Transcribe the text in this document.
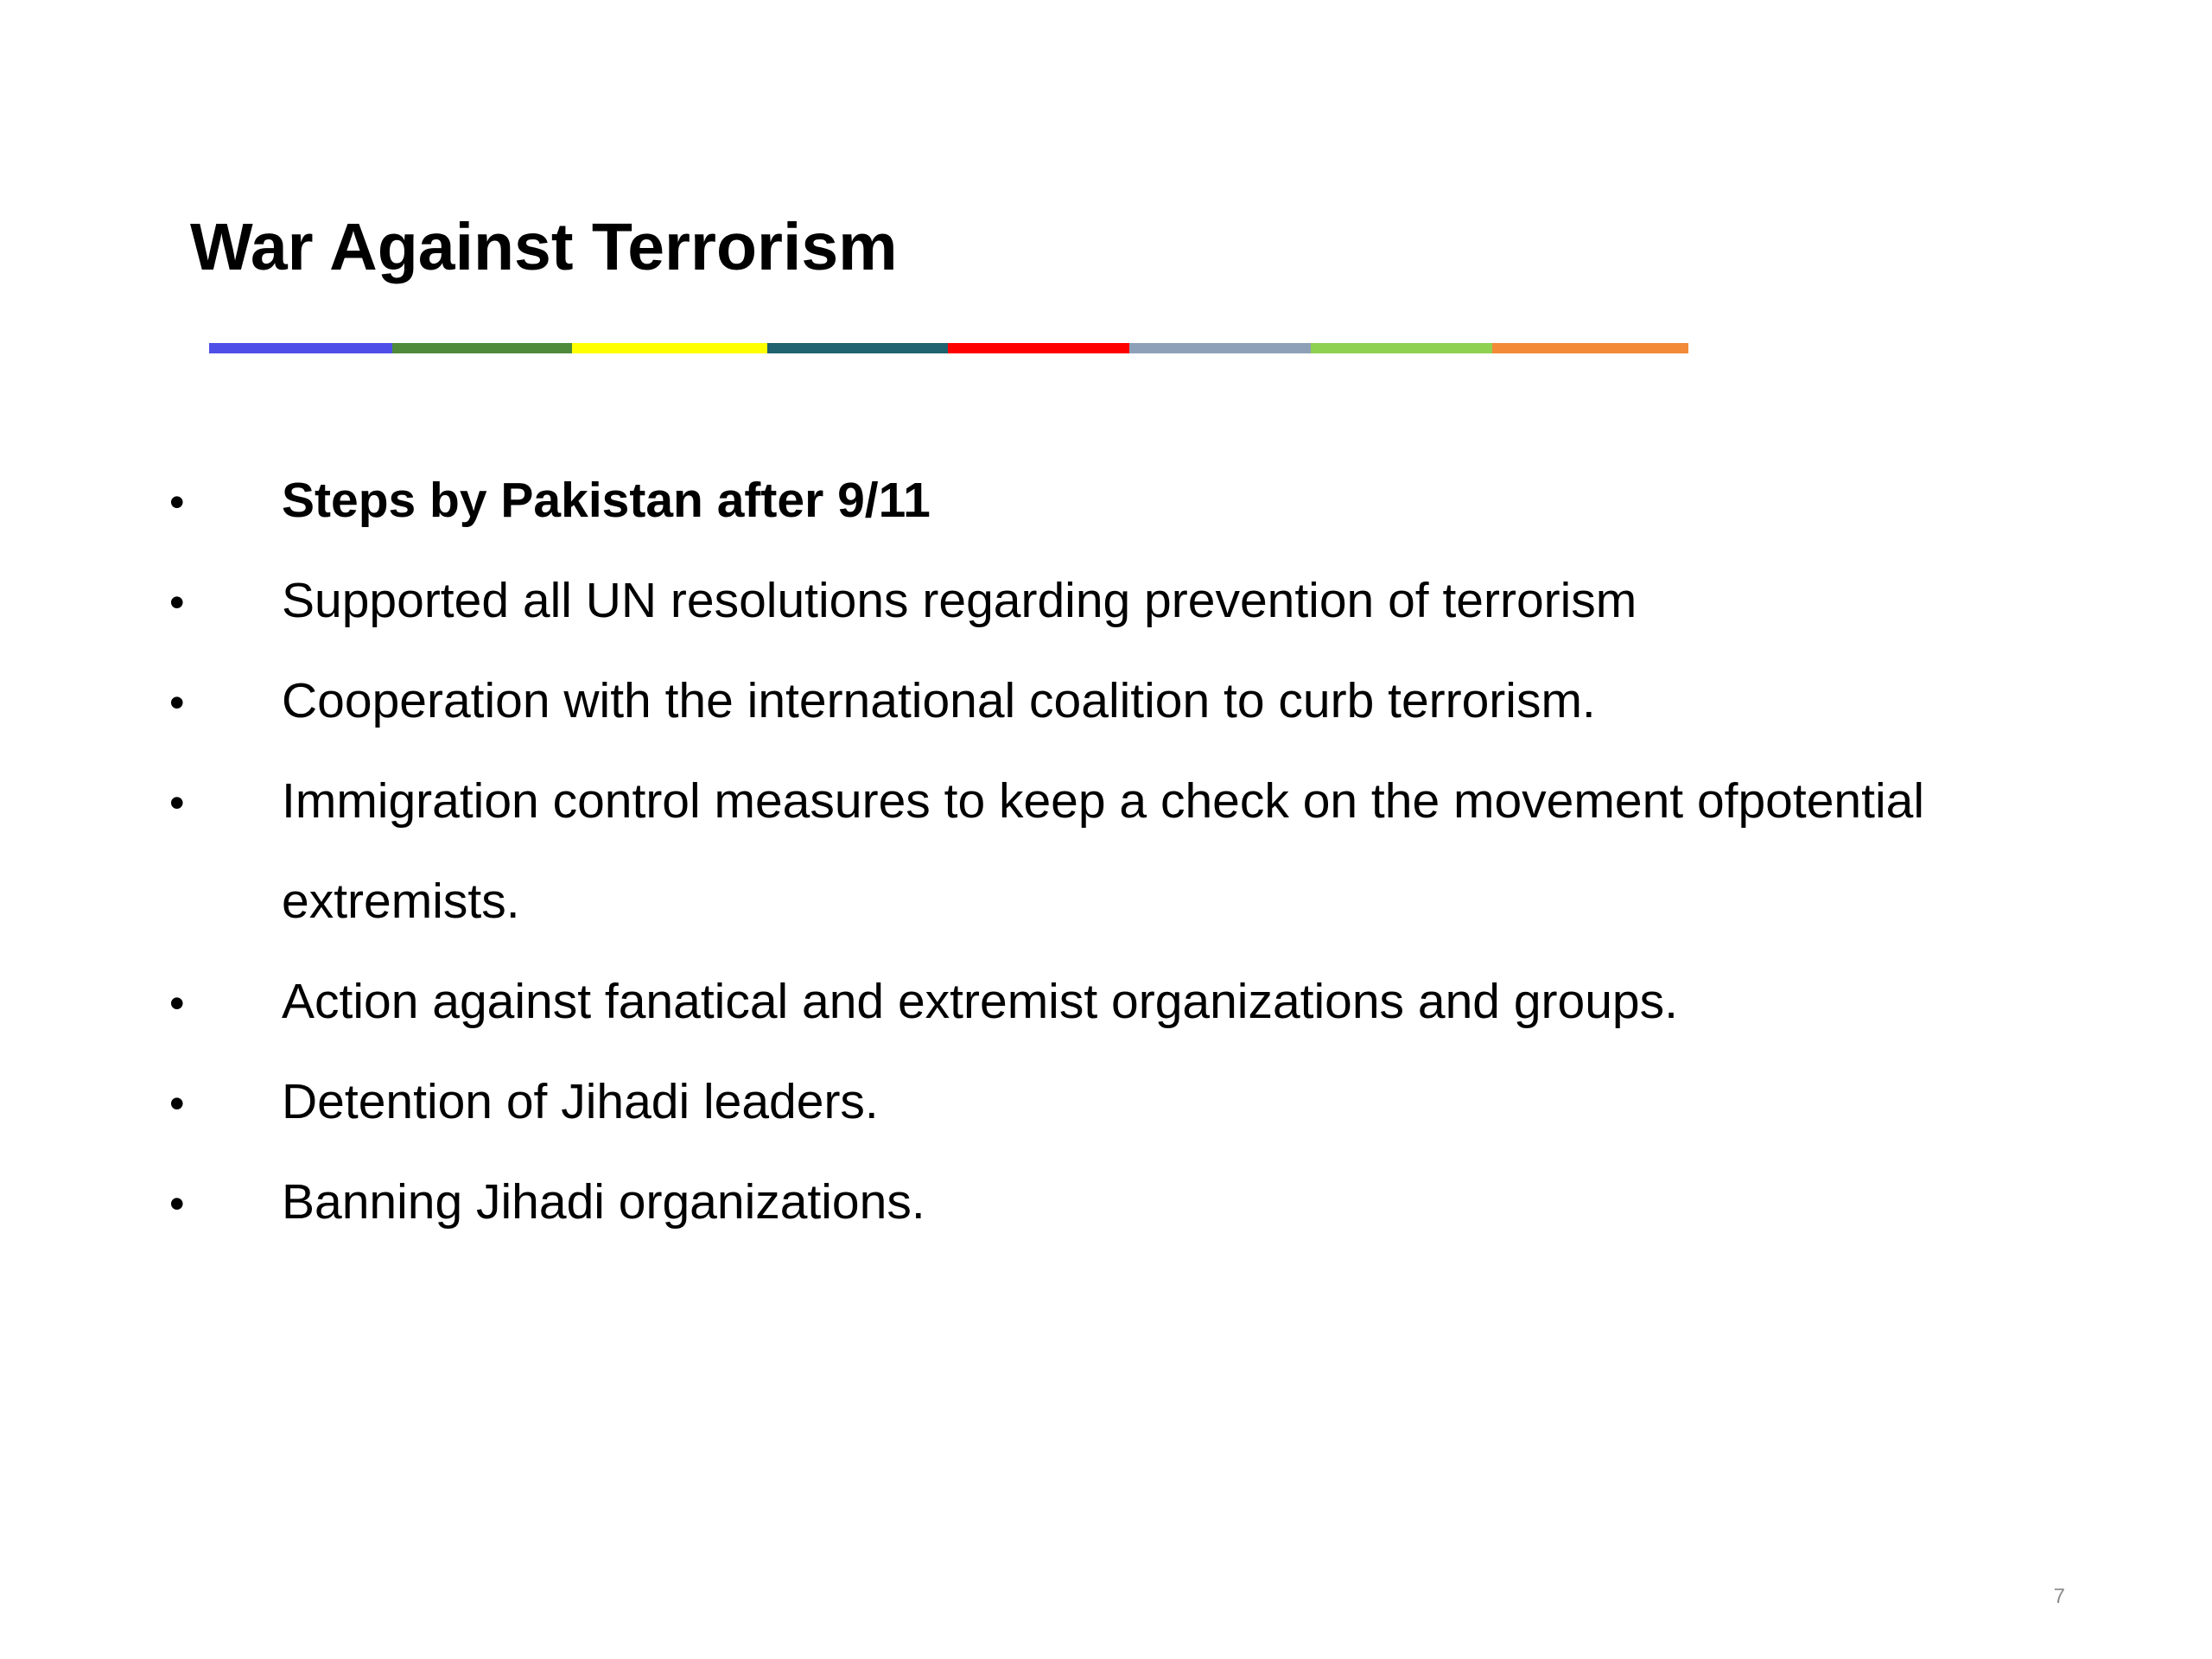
War Against Terrorism
• Steps by Pakistan after 9/11
• Supported all UN resolutions regarding prevention of terrorism
• Cooperation with the international coalition to curb terrorism.
• Immigration control measures to keep a check on the movement ofpotential
extremists.
• Action against fanatical and extremist organizations and groups.
• Detention of Jihadi leaders.
• Banning Jihadi organizations.
7
